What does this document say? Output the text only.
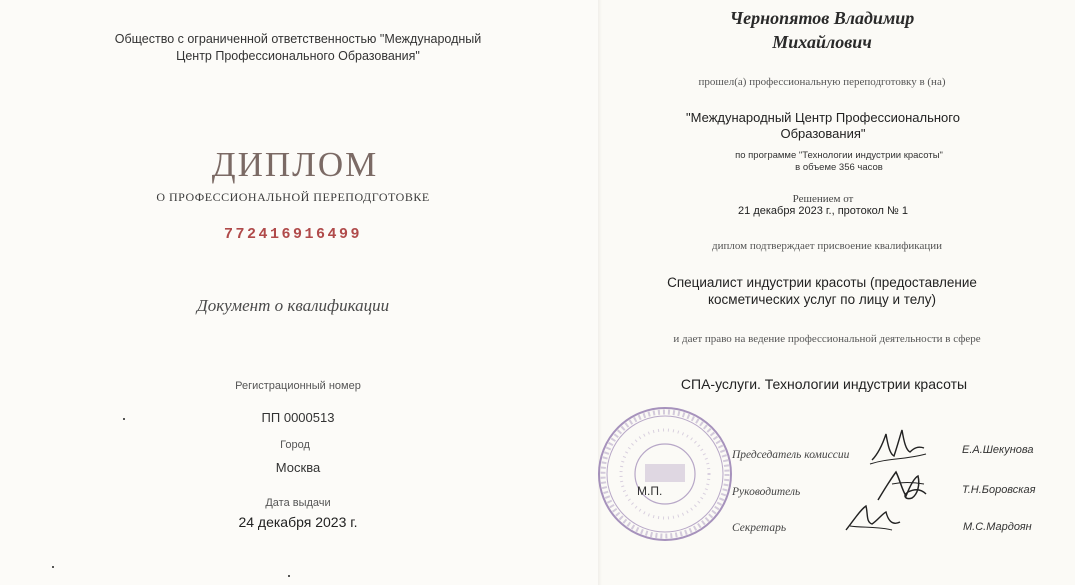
Общество с ограниченной ответственностью "Международный
Центр Профессионального Образования"
ДИПЛОМ
О ПРОФЕССИОНАЛЬНОЙ ПЕРЕПОДГОТОВКЕ
772416916499
Документ о квалификации
Регистрационный номер
ПП 0000513
Город
Москва
Дата выдачи
24 декабря 2023 г.
Чернопятов Владимир
Михайлович
прошел(а) профессиональную переподготовку в (на)
"Международный Центр Профессионального
Образования"
по программе "Технологии индустрии красоты"
в объеме 356 часов
Решением от
21 декабря 2023 г., протокол № 1
диплом подтверждает присвоение квалификации
Специалист индустрии красоты (предоставление
косметических услуг по лицу и телу)
и дает право на ведение профессиональной деятельности в сфере
СПА-услуги. Технологии индустрии красоты
М.П.
Председатель комиссии	Е.А.Шекунова
Руководитель	Т.Н.Боровская
Секретарь	М.С.Мардоян
